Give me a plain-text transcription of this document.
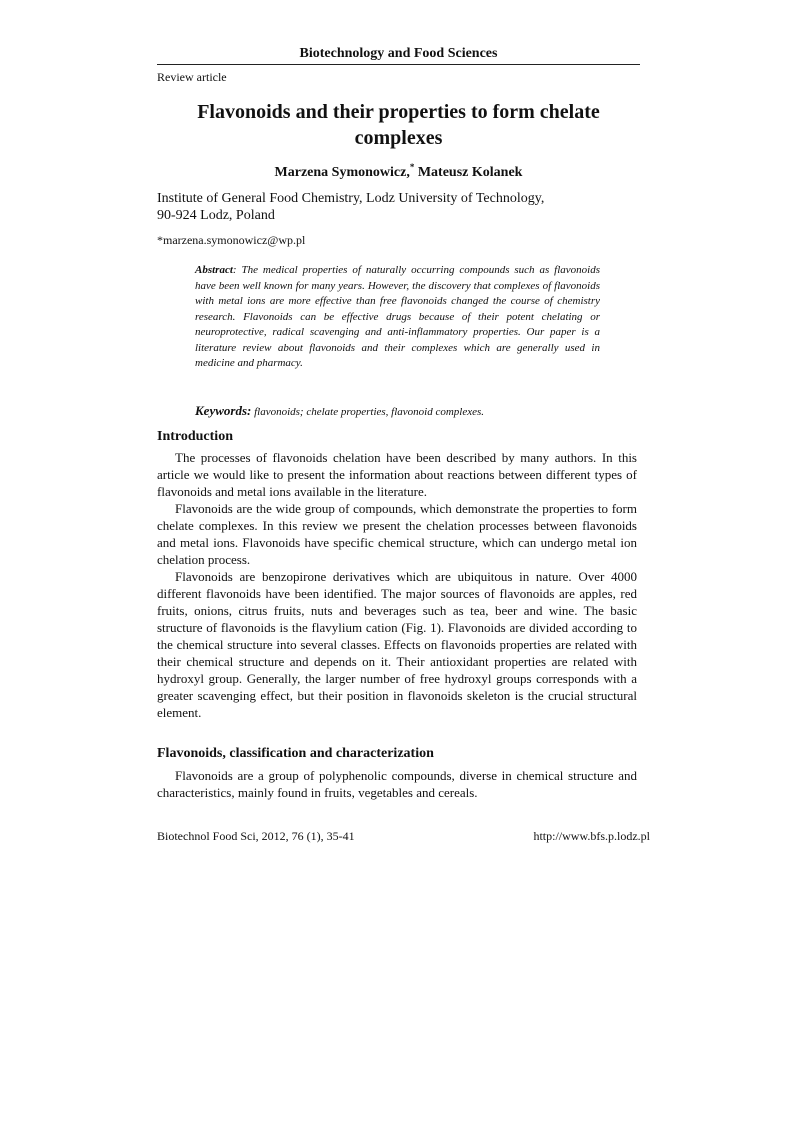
Biotechnology and Food Sciences
Review article
Flavonoids and their properties to form chelate complexes
Marzena Symonowicz,* Mateusz Kolanek
Institute of General Food Chemistry, Lodz University of Technology,
90-924 Lodz, Poland
*marzena.symonowicz@wp.pl
Abstract: The medical properties of naturally occurring compounds such as flavonoids have been well known for many years. However, the discovery that complexes of flavonoids with metal ions are more effective than free flavonoids changed the course of chemistry research. Flavonoids can be effective drugs because of their potent chelating or neuroprotective, radical scavenging and anti-inflammatory properties. Our paper is a literature review about flavonoids and their complexes which are generally used in medicine and pharmacy.
Keywords: flavonoids; chelate properties, flavonoid complexes.
Introduction

The processes of flavonoids chelation have been described by many authors. In this article we would like to present the information about reactions between different types of flavonoids and metal ions available in the literature.

Flavonoids are the wide group of compounds, which demonstrate the properties to form chelate complexes. In this review we present the chelation processes between flavonoids and metal ions. Flavonoids have specific chemical structure, which can undergo metal ion chelation process.

Flavonoids are benzopirone derivatives which are ubiquitous in nature. Over 4000 different flavonoids have been identified. The major sources of flavonoids are apples, red fruits, onions, citrus fruits, nuts and beverages such as tea, beer and wine. The basic structure of flavonoids is the flavylium cation (Fig. 1). Flavonoids are divided according to the chemical structure into several classes. Effects on flavonoids properties are related with their chemical structure and depends on it. Their antioxidant properties are related with hydroxyl group. Generally, the larger number of free hydroxyl groups corresponds with a greater scavenging effect, but their position in flavonoids skeleton is the crucial structural element.

Flavonoids, classification and characterization

Flavonoids are a group of polyphenolic compounds, diverse in chemical structure and characteristics, mainly found in fruits, vegetables and cereals.

Biotechnol Food Sci, 2012, 76 (1), 35-41	http://www.bfs.p.lodz.pl
